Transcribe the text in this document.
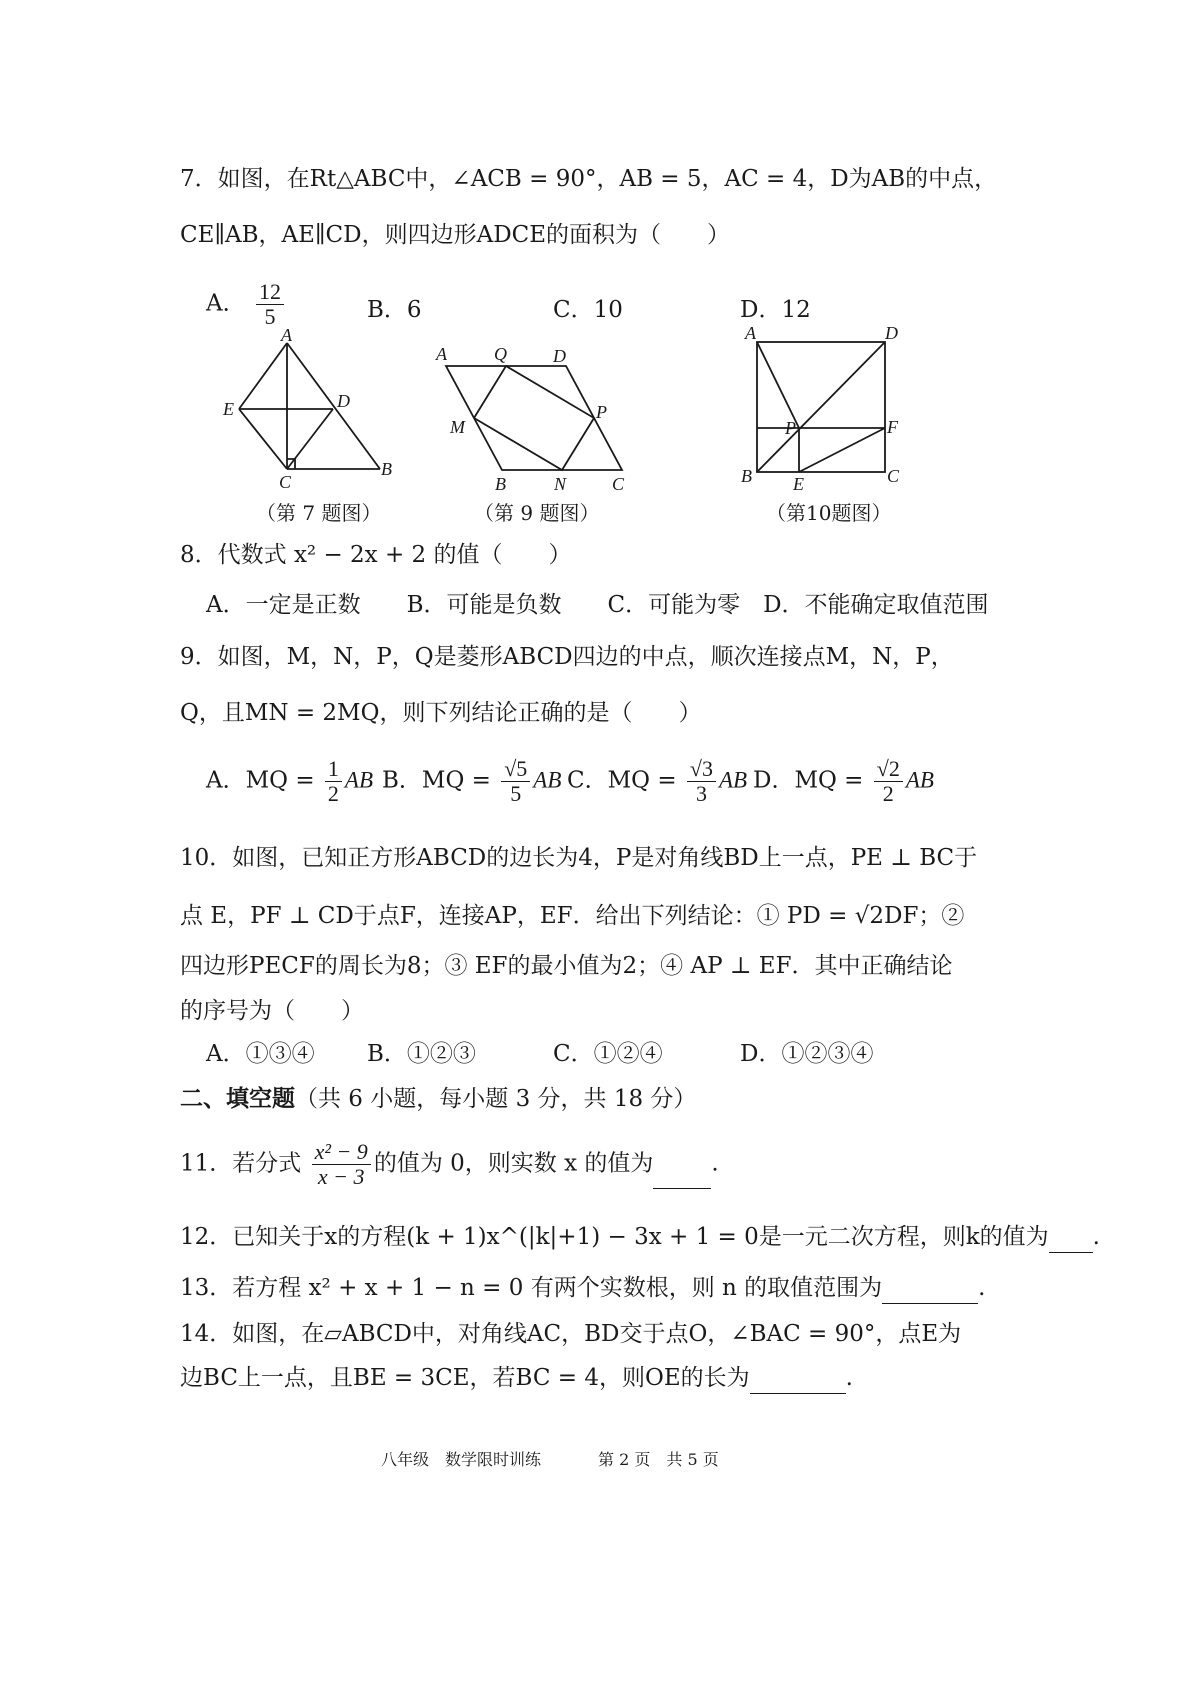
7．如图，在Rt△ABC中，∠ACB = 90°，AB = 5，AC = 4，D为AB的中点，
CE∥AB，AE∥CD，则四边形ADCE的面积为（　　）
A． $\frac{12}{5}$	B．6	C．10	D．12
A
E	D
C
B
（第 7 题图）
A	Q	D
M
P
B	N	C
（第 9 题图）
A	D
P	F
B E	C
（第10题图）
8．代数式 x² − 2x + 2 的值（　　）
A．一定是正数　　B．可能是负数　　C．可能为零　D．不能确定取值范围
9．如图，M，N，P，Q是菱形ABCD四边的中点，顺次连接点M，N，P，
Q，且MN = 2MQ，则下列结论正确的是（　　）
A．MQ = $\frac{1}{2}$ AB B．MQ = $\frac{√5}{5}$ AB C．MQ = $\frac{√3}{3}$ AB D．MQ = $\frac{√2}{2}$ AB
10．如图，已知正方形ABCD的边长为4，P是对角线BD上一点，PE ⊥ BC于
点 E，PF ⊥ CD于点F，连接AP，EF．给出下列结论：① PD = √2DF；②
四边形PECF的周长为8；③ EF的最小值为2；④ AP ⊥ EF．其中正确结论
的序号为（　　）
A．①③④ B．①②③	C．①②④	D．①②③④
二、填空题（共 6 小题，每小题 3 分，共 18 分）
11．若分式 $\frac{\text{x² − 9}}{x - 3}$ 的值为 0，则实数 x 的值为	.
12．已知关于x的方程(k + 1)x^(|k|+1) − 3x + 1 = 0是一元二次方程，则k的值为 .
13．若方程 x² + x + 1 − n = 0 有两个实数根，则 n 的取值范围为	.
14．如图，在▱ABCD中，对角线AC，BD交于点O，∠BAC = 90°，点E为
边BC上一点，且BE = 3CE，若BC = 4，则OE的长为	.
八年级　数学限时训练	第 2 页　共 5 页
